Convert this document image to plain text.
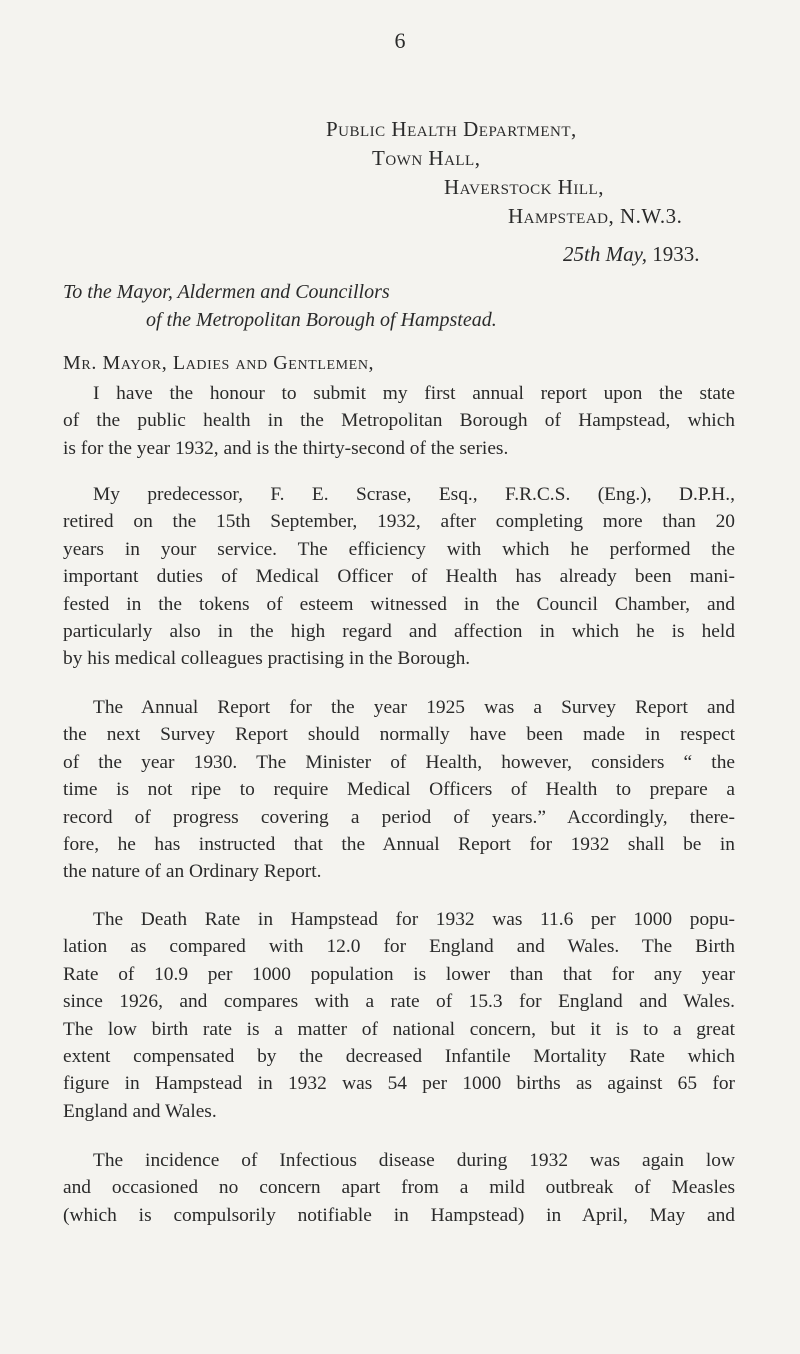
6
Public Health Department,
Town Hall,
Haverstock Hill,
Hampstead, N.W.3.
25th May, 1933.
To the Mayor, Aldermen and Councillors
of the Metropolitan Borough of Hampstead.
Mr. Mayor, Ladies and Gentlemen,
I have the honour to submit my first annual report upon the state
of the public health in the Metropolitan Borough of Hampstead, which
is for the year 1932, and is the thirty-second of the series.
My predecessor, F. E. Scrase, Esq., F.R.C.S. (Eng.), D.P.H.,
retired on the 15th September, 1932, after completing more than 20
years in your service. The efficiency with which he performed the
important duties of Medical Officer of Health has already been mani-
fested in the tokens of esteem witnessed in the Council Chamber, and
particularly also in the high regard and affection in which he is held
by his medical colleagues practising in the Borough.
The Annual Report for the year 1925 was a Survey Report and
the next Survey Report should normally have been made in respect
of the year 1930. The Minister of Health, however, considers “ the
time is not ripe to require Medical Officers of Health to prepare a
record of progress covering a period of years.” Accordingly, there-
fore, he has instructed that the Annual Report for 1932 shall be in
the nature of an Ordinary Report.
The Death Rate in Hampstead for 1932 was 11.6 per 1000 popu-
lation as compared with 12.0 for England and Wales. The Birth
Rate of 10.9 per 1000 population is lower than that for any year
since 1926, and compares with a rate of 15.3 for England and Wales.
The low birth rate is a matter of national concern, but it is to a great
extent compensated by the decreased Infantile Mortality Rate which
figure in Hampstead in 1932 was 54 per 1000 births as against 65 for
England and Wales.
The incidence of Infectious disease during 1932 was again low
and occasioned no concern apart from a mild outbreak of Measles
(which is compulsorily notifiable in Hampstead) in April, May and
